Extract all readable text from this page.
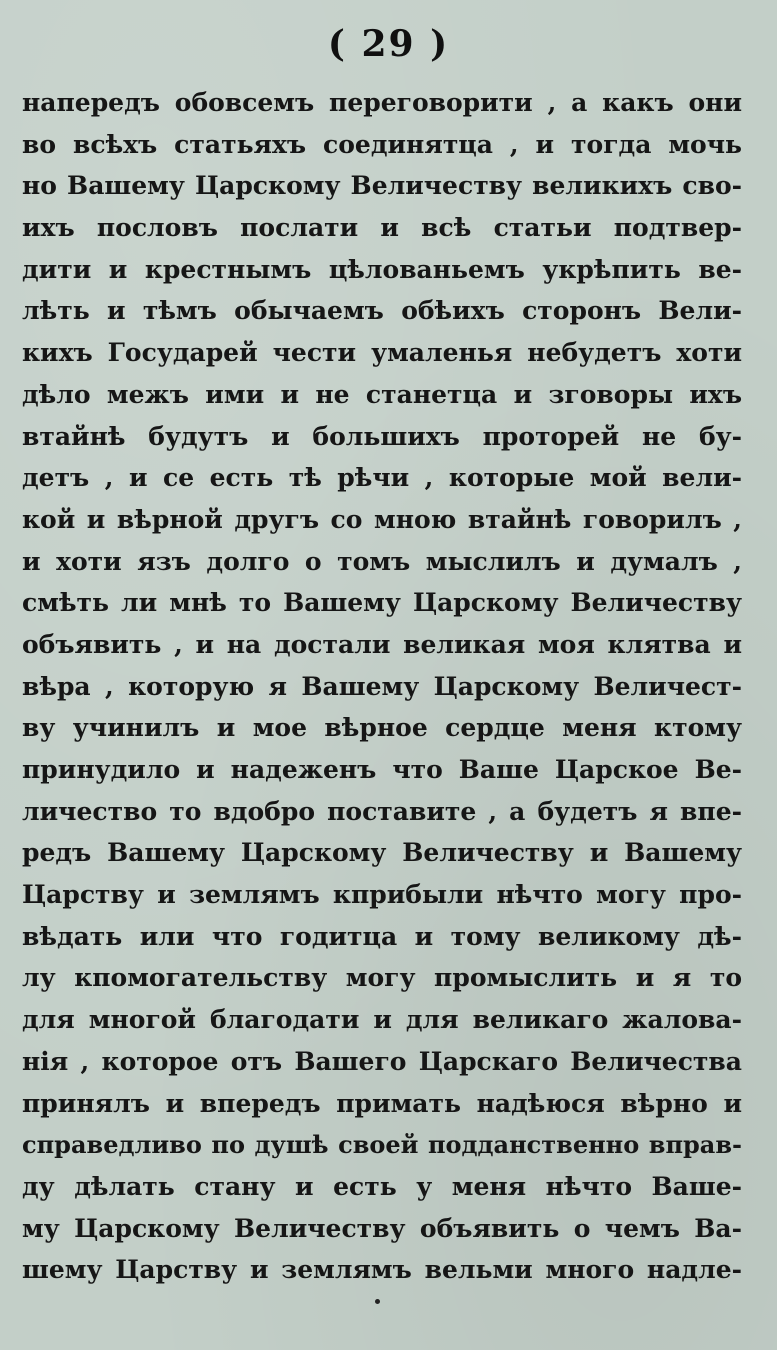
( 29 )
напередъ обовсемъ переговорити , а какъ они
во всѣхъ статьяхъ соединятца , и тогда мочь
но Вашему Царскому Величеству великихъ сво-
ихъ пословъ послати и всѣ статьи подтвер-
дити и крестнымъ цѣлованьемъ укрѣпить ве-
лѣть и тѣмъ обычаемъ обѣихъ сторонъ Вели-
кихъ Государей чести умаленья небудетъ хоти
дѣло межъ ими и не станетца и зговоры ихъ
втайнѣ будутъ и большихъ проторей не бу-
детъ , и се есть тѣ рѣчи , которые мой вели-
кой и вѣрной другъ со мною втайнѣ говорилъ ,
и хоти язъ долго о томъ мыслилъ и думалъ ,
смѣть ли мнѣ то Вашему Царскому Величеству
объявить , и на достали великая моя клятва и
вѣра , которую я Вашему Царскому Величест-
ву учинилъ и мое вѣрное сердце меня ктому
принудило и надеженъ что Ваше Царское Ве-
личество то вдобро поставите , а будетъ я впе-
редъ Вашему Царскому Величеству и Вашему
Царству и землямъ кприбыли нѣчто могу про-
вѣдать или что годитца и тому великому дѣ-
лу кпомогательству могу промыслить и я то
для многой благодати и для великаго жалова-
нія , которое отъ Вашего Царскаго Величества
принялъ и впередъ примать надѣюся вѣрно и
справедливо по душѣ своей подданственно вправ-
ду дѣлать стану и есть у меня нѣчто Ваше-
му Царскому Величеству объявить о чемъ Ва-
шему Царству и землямъ вельми много надле-
